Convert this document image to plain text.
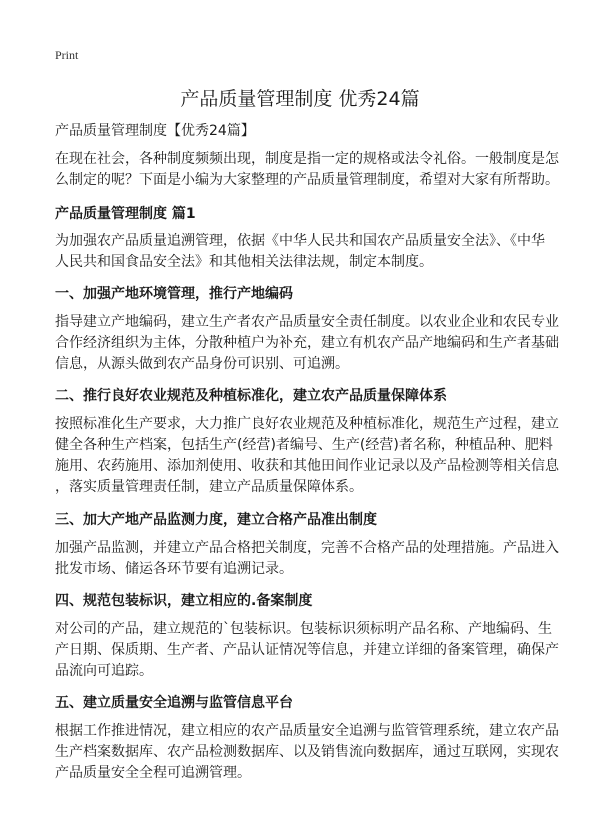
Print
产品质量管理制度 优秀24篇
产品质量管理制度【优秀24篇】
在现在社会，各种制度频频出现，制度是指一定的规格或法令礼俗。一般制度是怎
么制定的呢？下面是小编为大家整理的产品质量管理制度，希望对大家有所帮助。
产品质量管理制度 篇1
为加强农产品质量追溯管理，依据《中华人民共和国农产品质量安全法》、《中华
人民共和国食品安全法》和其他相关法律法规，制定本制度。
一、加强产地环境管理，推行产地编码
指导建立产地编码，建立生产者农产品质量安全责任制度。以农业企业和农民专业
合作经济组织为主体，分散种植户为补充，建立有机农产品产地编码和生产者基础
信息，从源头做到农产品身份可识别、可追溯。
二、推行良好农业规范及种植标准化，建立农产品质量保障体系
按照标准化生产要求，大力推广良好农业规范及种植标准化，规范生产过程，建立
健全各种生产档案，包括生产(经营)者编号、生产(经营)者名称，种植品种、肥料
施用、农药施用、添加剂使用、收获和其他田间作业记录以及产品检测等相关信息
，落实质量管理责任制，建立产品质量保障体系。
三、加大产地产品监测力度，建立合格产品准出制度
加强产品监测，并建立产品合格把关制度，完善不合格产品的处理措施。产品进入
批发市场、储运各环节要有追溯记录。
四、规范包装标识，建立相应的.备案制度
对公司的产品，建立规范的`包装标识。包装标识须标明产品名称、产地编码、生
产日期、保质期、生产者、产品认证情况等信息，并建立详细的备案管理，确保产
品流向可追踪。
五、建立质量安全追溯与监管信息平台
根据工作推进情况，建立相应的农产品质量安全追溯与监管管理系统，建立农产品
生产档案数据库、农产品检测数据库、以及销售流向数据库，通过互联网，实现农
产品质量安全全程可追溯管理。
